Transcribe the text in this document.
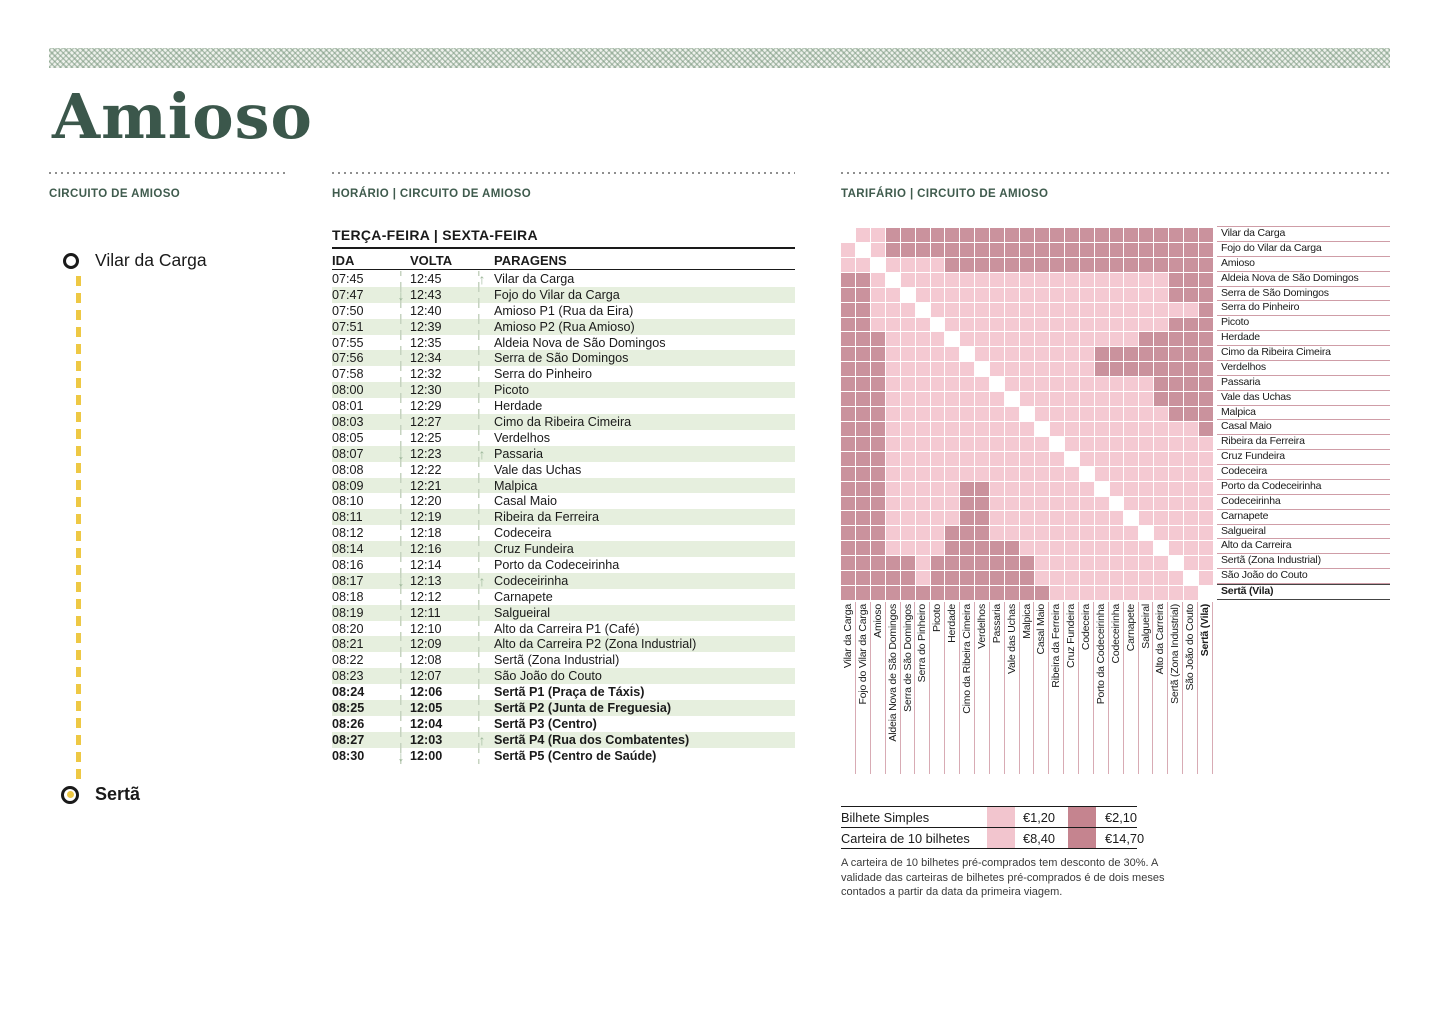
Amioso
CIRCUITO DE AMIOSO
Vilar da Carga
Sertã
HORÁRIO | CIRCUITO DE AMIOSO
TERÇA-FEIRA | SEXTA-FEIRA
IDA	VOLTA	PARAGENS
07:45	12:45	↑ Vilar da Carga
07:47	↓ 12:43	Fojo do Vilar da Carga
07:50	12:40	Amioso P1 (Rua da Eira)
07:51	12:39	Amioso P2 (Rua Amioso)
07:55	12:35	Aldeia Nova de São Domingos
07:56	12:34	Serra de São Domingos
07:58	12:32	Serra do Pinheiro
08:00	12:30	Picoto
08:01	12:29	Herdade
08:03	12:27	Cimo da Ribeira Cimeira
08:05	12:25	Verdelhos
08:07	↓ 12:23	↑ Passaria
08:08	12:22	Vale das Uchas
08:09	12:21	Malpica
08:10	12:20	Casal Maio
08:11	12:19	Ribeira da Ferreira
08:12	12:18	Codeceira
08:14	12:16	Cruz Fundeira
08:16	12:14	Porto da Codeceirinha
08:17	↓ 12:13	↑ Codeceirinha
08:18	12:12	Carnapete
08:19	12:11	Salgueiral
08:20	12:10	Alto da Carreira P1 (Café)
08:21	12:09	Alto da Carreira P2 (Zona Industrial)
08:22	12:08	Sertã (Zona Industrial)
08:23	12:07	São João do Couto
08:24	12:06	Sertã P1 (Praça de Táxis)
08:25	12:05	Sertã P2 (Junta de Freguesia)
08:26	12:04	Sertã P3 (Centro)
08:27	12:03	↑ Sertã P4 (Rua dos Combatentes)
08:30	↓ 12:00	Sertã P5 (Centro de Saúde)
TARIFÁRIO | CIRCUITO DE AMIOSO
Vilar da Carga
Fojo do Vilar da Carga
Amioso
Aldeia Nova de São Domingos
Serra de São Domingos
Serra do Pinheiro
Picoto
Herdade
Cimo da Ribeira Cimeira
Verdelhos
Passaria
Vale das Uchas
Malpica
Casal Maio
Ribeira da Ferreira
Cruz Fundeira
Codeceira
Porto da Codeceirinha
Codeceirinha
Carnapete
Salgueiral
Alto da Carreira
Sertã (Zona Industrial)
São João do Couto
Sertã (Vila)
Vilar da Carga Fojo do Vilar da Carga Amioso Aldeia Nova de São Domingos Serra de São Domingos Serra do Pinheiro Picoto Herdade Cimo da Ribeira Cimeira Verdelhos Passaria Vale das Uchas Malpica Casal Maio Ribeira da Ferreira Cruz Fundeira Codeceira Porto da Codeceirinha Codeceirinha Carnapete Salgueiral Alto da Carreira Sertã (Zona Industrial) São João do Couto Sertã (Vila)
Bilhete Simples	€1,20	€2,10
Carteira de 10 bilhetes	€8,40	€14,70
A carteira de 10 bilhetes pré-comprados tem desconto de 30%. A validade das carteiras de bilhetes pré-comprados é de dois meses contados a partir da data da primeira viagem.
